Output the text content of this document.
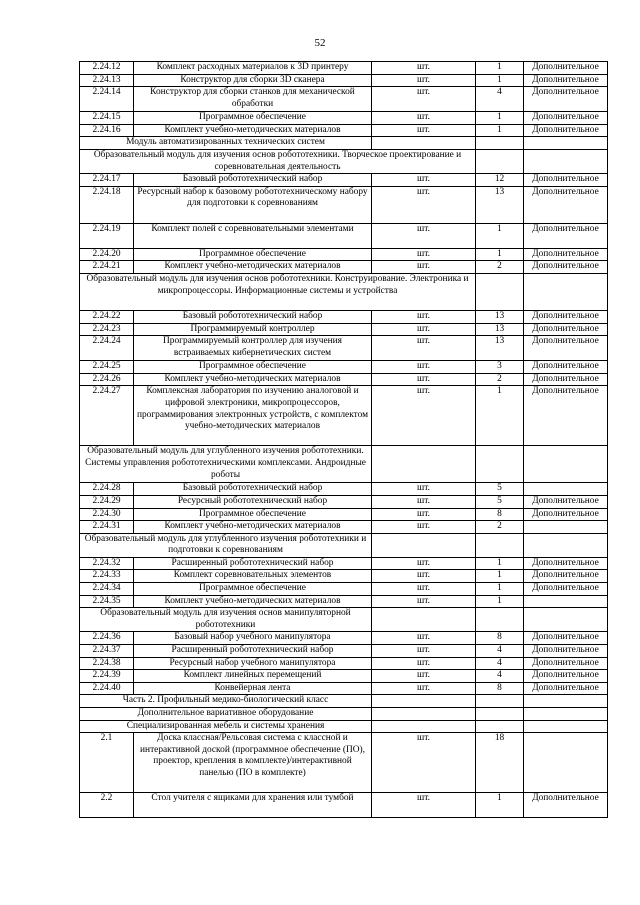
52
2.24.12	Комплект расходных материалов к 3D принтеру	шт.	1	Дополнительное
2.24.13	Конструктор для сборки 3D сканера	шт.	1	Дополнительное
2.24.14	Конструктор для сборки станков для механической обработки	шт.	4	Дополнительное
2.24.15	Программное обеспечение	шт.	1	Дополнительное
2.24.16	Комплект учебно-методических материалов	шт.	1	Дополнительное
Модуль автоматизированных технических систем				
Образовательный модуль для изучения основ робототехники. Творческое проектирование и соревновательная деятельность				
2.24.17	Базовый робототехнический набор	шт.	12	Дополнительное
2.24.18	Ресурсный набор к базовому робототехническому набору для подготовки к соревнованиям	шт.	13	Дополнительное
2.24.19	Комплект полей с соревновательными элементами	шт.	1	Дополнительное
2.24.20	Программное обеспечение	шт.	1	Дополнительное
2.24.21	Комплект учебно-методических материалов	шт.	2	Дополнительное
Образовательный модуль для изучения основ робототехники. Конструирование. Электроника и микропроцессоры. Информационные системы и устройства				
2.24.22	Базовый робототехнический набор	шт.	13	Дополнительное
2.24.23	Программируемый контроллер	шт.	13	Дополнительное
2.24.24	Программируемый контроллер для изучения встраиваемых кибернетических систем	шт.	13	Дополнительное
2.24.25	Программное обеспечение	шт.	3	Дополнительное
2.24.26	Комплект учебно-методических материалов	шт.	2	Дополнительное
2.24.27	Комплексная лаборатория по изучению аналоговой и цифровой электроники, микропроцессоров, программирования электронных устройств, с комплектом учебно-методических материалов	шт.	1	Дополнительное
Образовательный модуль для углубленного изучения робототехники. Системы управления робототехническими комплексами. Андроидные роботы				
2.24.28	Базовый робототехнический набор	шт.	5	
2.24.29	Ресурсный робототехнический набор	шт.	5	Дополнительное
2.24.30	Программное обеспечение	шт.	8	Дополнительное
2.24.31	Комплект учебно-методических материалов	шт.	2	
Образовательный модуль для углубленного изучения робототехники и подготовки к соревнованиям				
2.24.32	Расширенный робототехнический набор	шт.	1	Дополнительное
2.24.33	Комплект соревновательных элементов	шт.	1	Дополнительное
2.24.34	Программное обеспечение	шт.	1	Дополнительное
2.24.35	Комплект учебно-методических материалов	шт.	1	
Образовательный модуль для изучения основ манипуляторной робототехники				
2.24.36	Базовый набор учебного манипулятора	шт.	8	Дополнительное
2.24.37	Расширенный робототехнический набор	шт.	4	Дополнительное
2.24.38	Ресурсный набор учебного манипулятора	шт.	4	Дополнительное
2.24.39	Комплект линейных перемещений	шт.	4	Дополнительное
2.24.40	Конвейерная лента	шт.	8	Дополнительное
Часть 2. Профильный медико-биологический класс				
Дополнительное вариативное оборудование				
Специализированная мебель и системы хранения				
2.1	Доска классная/Рельсовая система с классной и интерактивной доской (программное обеспечение (ПО), проектор, крепления в комплекте)/интерактивной панелью (ПО в комплекте)	шт.	18	
2.2	Стол учителя с ящиками для хранения или тумбой	шт.	1	Дополнительное
